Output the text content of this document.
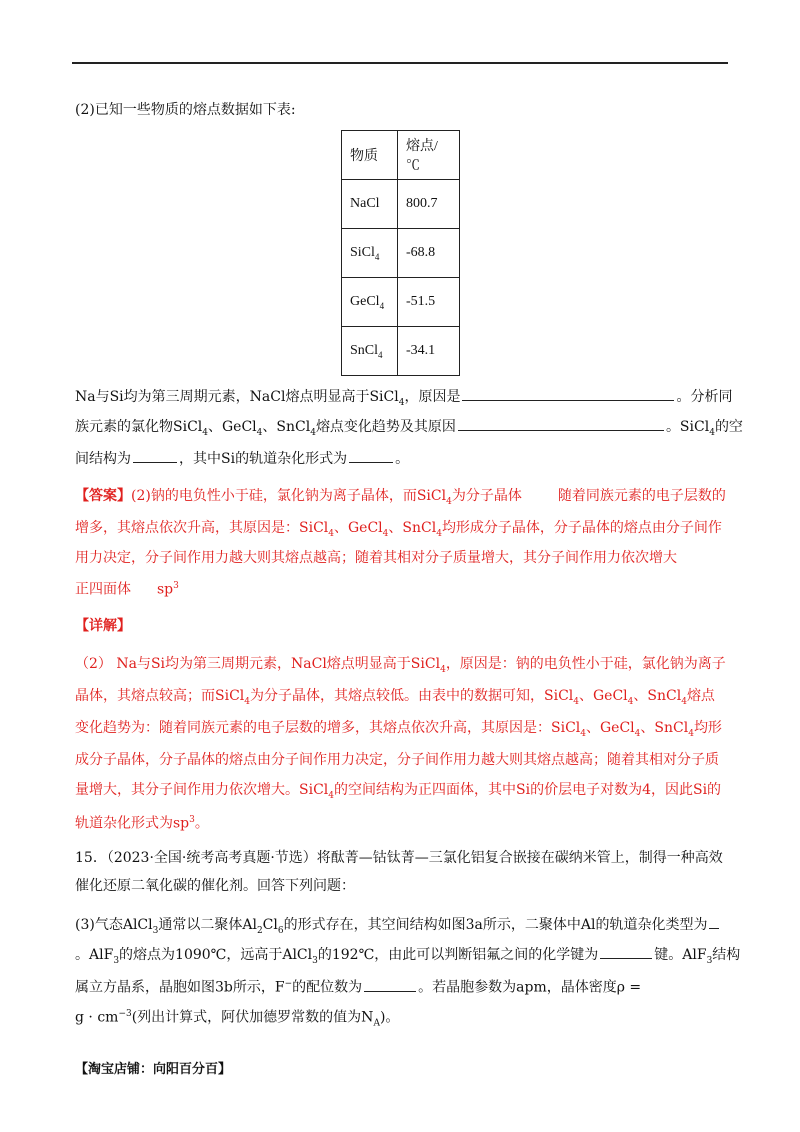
(2)已知一些物质的熔点数据如下表:
物质	熔点/℃
NaCl	800.7
SiCl$_4$	-68.8
GeCl$_4$	-51.5
SnCl$_4$	-34.1
Na与Si均为第三周期元素，NaCl熔点明显高于SiCl$_4$，原因是	。分析同
族元素的氯化物SiCl$_4$、GeCl$_4$、SnCl$_4$熔点变化趋势及其原因	。SiCl$_4$的空
间结构为	，其中Si的轨道杂化形式为	。
【答案】(2)钠的电负性小于硅，氯化钠为离子晶体，而SiCl$_4$为分子晶体	随着同族元素的电子层数的
增多，其熔点依次升高，其原因是：SiCl$_4$、GeCl$_4$、SnCl$_4$均形成分子晶体，分子晶体的熔点由分子间作
用力决定，分子间作用力越大则其熔点越高；随着其相对分子质量增大，其分子间作用力依次增大
正四面体 $sp^3$
【详解】
（2） Na与Si均为第三周期元素，NaCl熔点明显高于SiCl$_4$，原因是：钠的电负性小于硅，氯化钠为离子
晶体，其熔点较高；而SiCl$_4$为分子晶体，其熔点较低。由表中的数据可知，SiCl$_4$、GeCl$_4$、SnCl$_4$熔点
变化趋势为：随着同族元素的电子层数的增多，其熔点依次升高，其原因是：SiCl$_4$、GeCl$_4$、SnCl$_4$均形
成分子晶体，分子晶体的熔点由分子间作用力决定，分子间作用力越大则其熔点越高；随着其相对分子质
量增大，其分子间作用力依次增大。SiCl$_4$的空间结构为正四面体，其中Si的价层电子对数为4，因此Si的
轨道杂化形式为$sp^3$。
15．（2023·全国·统考高考真题·节选）将酞菁—钴钛菁—三氯化铝复合嵌接在碳纳米管上，制得一种高效
催化还原二氧化碳的催化剂。回答下列问题：
(3)气态AlCl$_3$通常以二聚体$Al_2Cl_6$的形式存在，其空间结构如图3a所示，二聚体中Al的轨道杂化类型为
。AlF$_3$的熔点为1090℃，远高于AlCl$_3$的192℃，由此可以判断铝氟之间的化学键为	键。AlF$_3$结构
属立方晶系，晶胞如图3b所示，F−的配位数为	。若晶胞参数为apm，晶体密度ρ =
$g \cdot cm^{-3}$(列出计算式，阿伏加德罗常数的值为$N_A$)。
【淘宝店铺：向阳百分百】
